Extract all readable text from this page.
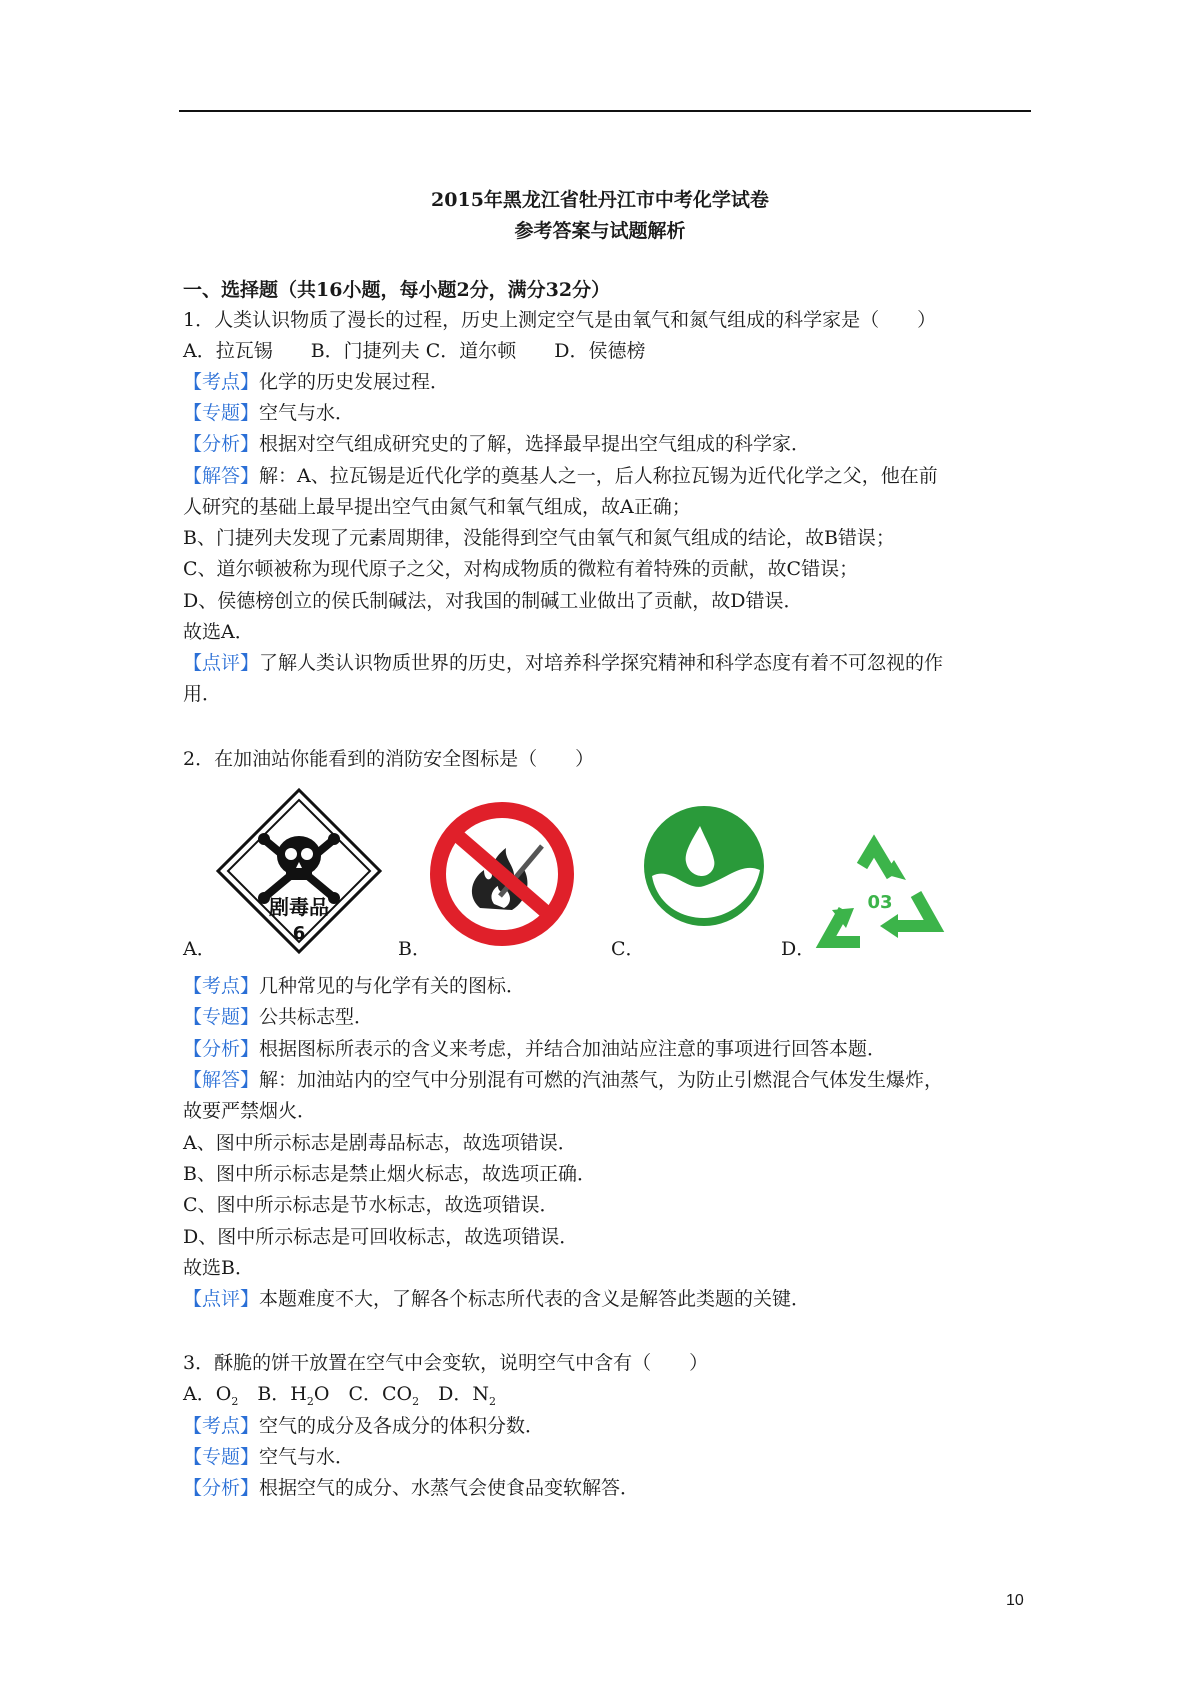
2015年黑龙江省牡丹江市中考化学试卷
参考答案与试题解析
一、选择题（共16小题，每小题2分，满分32分）
1．人类认识物质了漫长的过程，历史上测定空气是由氧气和氮气组成的科学家是（　　）
A．拉瓦锡　　B．门捷列夫 C．道尔顿　　D．侯德榜
【考点】化学的历史发展过程．
【专题】空气与水．
【分析】根据对空气组成研究史的了解，选择最早提出空气组成的科学家．
【解答】解：A、拉瓦锡是近代化学的奠基人之一，后人称拉瓦锡为近代化学之父，他在前
人研究的基础上最早提出空气由氮气和氧气组成，故A正确；
B、门捷列夫发现了元素周期律，没能得到空气由氧气和氮气组成的结论，故B错误；
C、道尔顿被称为现代原子之父，对构成物质的微粒有着特殊的贡献，故C错误；
D、侯德榜创立的侯氏制碱法，对我国的制碱工业做出了贡献，故D错误．
故选A．
【点评】了解人类认识物质世界的历史，对培养科学探究精神和科学态度有着不可忽视的作
用．
2．在加油站你能看到的消防安全图标是（　　）
剧毒品
6
A．	B．	C．
03
D．
【考点】几种常见的与化学有关的图标．
【专题】公共标志型．
【分析】根据图标所表示的含义来考虑，并结合加油站应注意的事项进行回答本题．
【解答】解：加油站内的空气中分别混有可燃的汽油蒸气，为防止引燃混合气体发生爆炸，
故要严禁烟火．
A、图中所示标志是剧毒品标志，故选项错误．
B、图中所示标志是禁止烟火标志，故选项正确．
C、图中所示标志是节水标志，故选项错误．
D、图中所示标志是可回收标志，故选项错误．
故选B．
【点评】本题难度不大，了解各个标志所代表的含义是解答此类题的关键．
3．酥脆的饼干放置在空气中会变软，说明空气中含有（　　）
A．$O_2$　B．$H_2O$　C．$CO_2$　D．$N_2$
【考点】空气的成分及各成分的体积分数．
【专题】空气与水．
【分析】根据空气的成分、水蒸气会使食品变软解答．
10
